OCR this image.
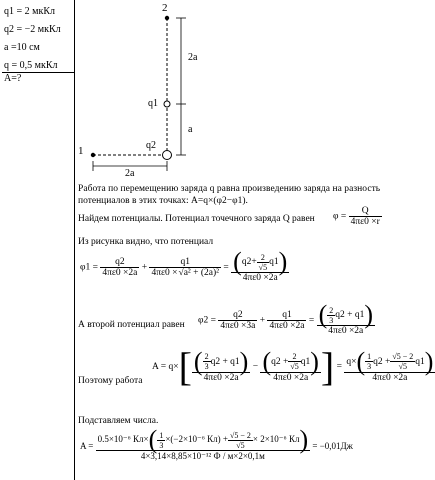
q1 = 2 мкКл
q2 = −2 мкКл
a =10 см
q = 0,5 мкКл
A=?
2
1
q1
q2
2a
a
2a
Работа по перемещению заряда q равна произведению заряда на разность
потенциалов в этих точках: A=q×(φ2−φ1).
Найдем потенциалы. Потенциал точечного заряда Q равен $\varphi = \frac{Q}{4\pi\varepsilon 0 \times r}$
Из рисунка видно, что потенциал
$\varphi 1 = \frac{q2}{4\pi\varepsilon 0 \times 2a} + \frac{q1}{\text{4πε0 ×√a² + (2a)²}} = \frac{(q2+ \frac{2}{√5} q1)}{4\pi\varepsilon 0 \times 2a}$
А второй потенциал равен $\varphi 2 = \frac{q2}{4\pi\varepsilon 0 \times 3a} + \frac{q1}{4\pi\varepsilon 0 \times 2a} = \frac{( \frac{2}{3} q2 + q1)}{4\pi\varepsilon 0 \times 2a}$
Поэтому работа
$A = q\times[ \frac{( \frac{2}{3} q2 + q1)}{4\pi\varepsilon 0 \times 2a} - \frac{(q2 + \frac{2}{√5} q1)}{4\pi\varepsilon 0 \times 2a}$ ] = $\frac{q\times( \frac{1}{3} q2 + \frac{√5 - 2}{√5} q1)}{4\pi\varepsilon 0 \times 2a}$
Подставляем числа.
$A = \frac{0.5\times 10^{-6} Кл\times( \frac{1}{3} \times(-2\times 10^{-6} Кл) + \frac{√5 - 2}{√5} \times 2\times 10^{-6} Кл)}{\text{4×3,14×8,85×10⁻¹² Ф / м×2×0,1м}} = -0,01Дж$
